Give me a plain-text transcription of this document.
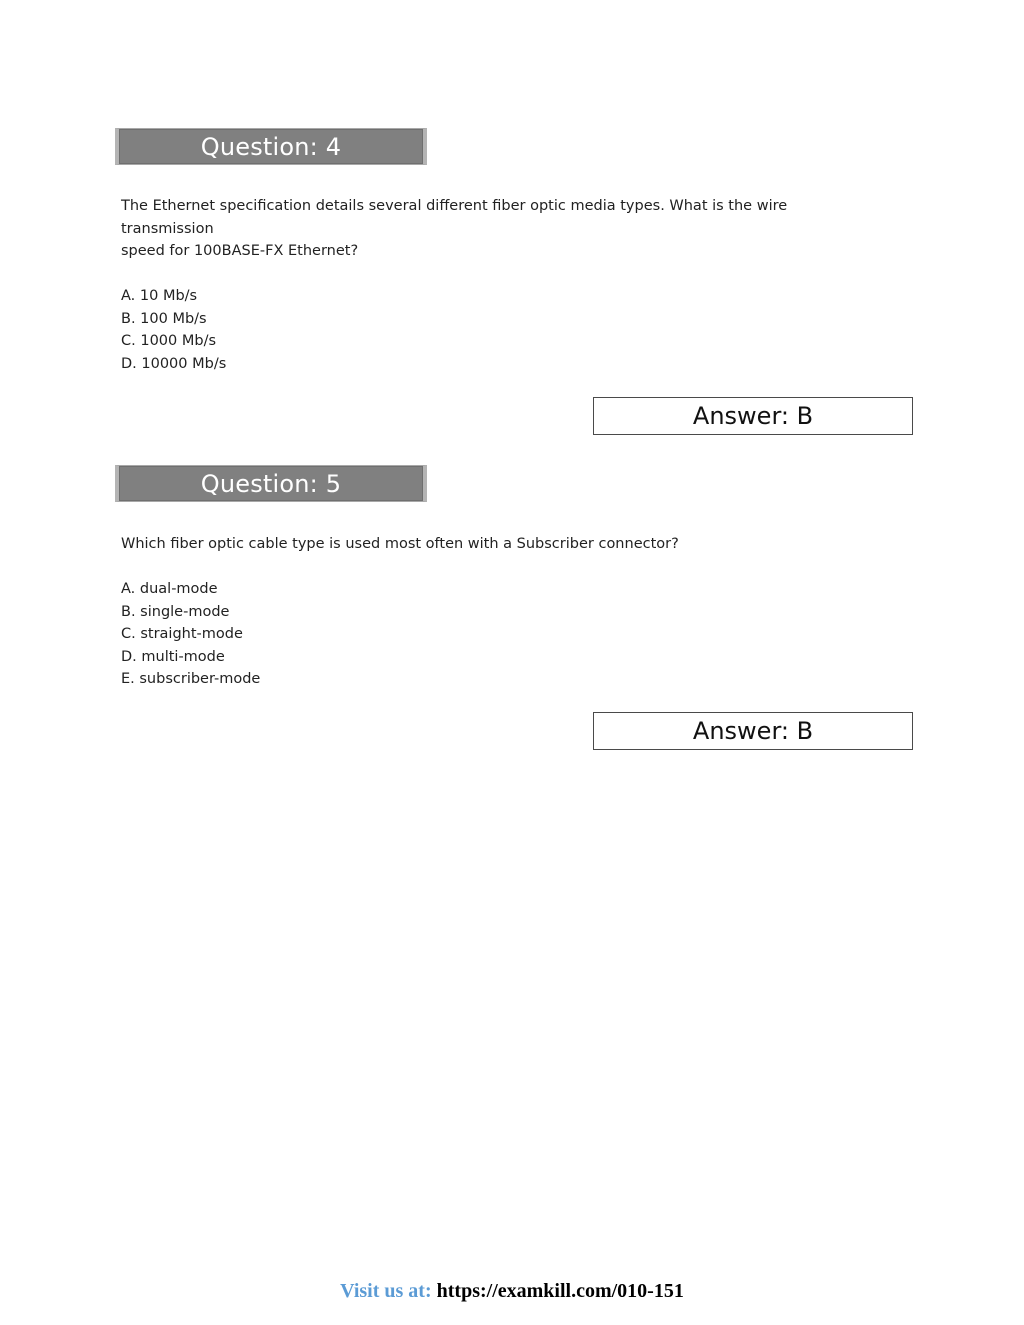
Question: 4

The Ethernet specification details several different fiber optic media types. What is the wire

transmission

speed for 100BASE-FX Ethernet?

A. 10 Mb/s
B. 100 Mb/s
C. 1000 Mb/s
D. 10000 Mb/s
Answer: B
Question: 5

Which fiber optic cable type is used most often with a Subscriber connector?

A. dual-mode
B. single-mode
C. straight-mode
D. multi-mode
E. subscriber-mode
Answer: B
Visit us at: https://examkill.com/010-151
